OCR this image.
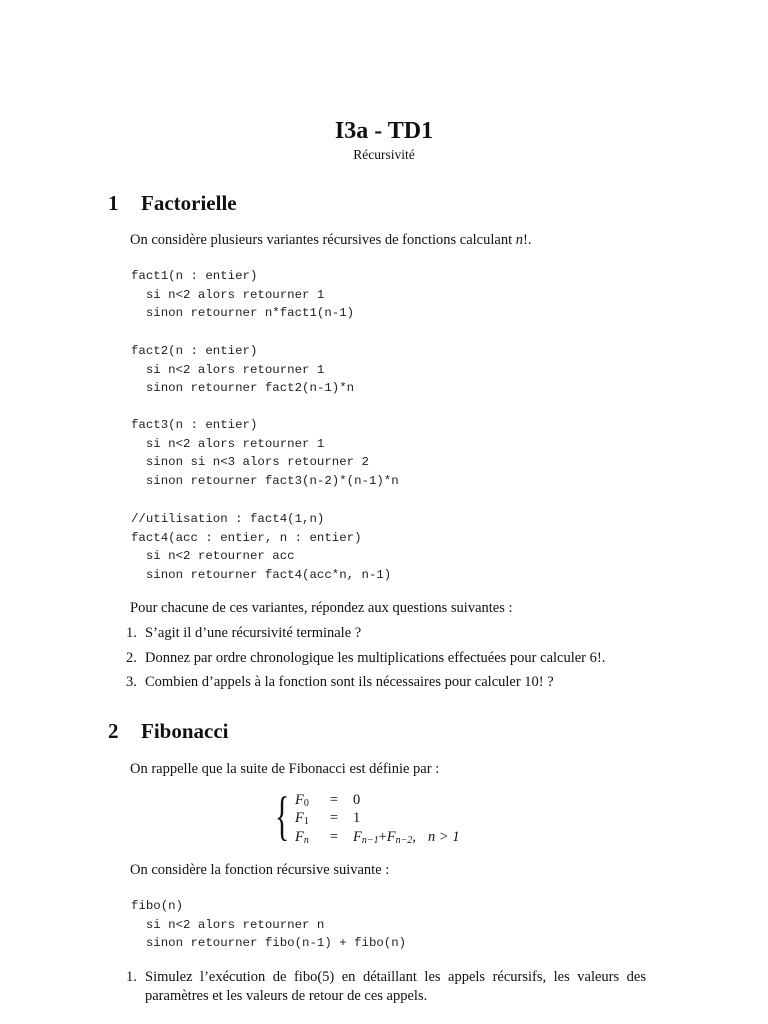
I3a - TD1
Récursivité
1 Factorielle
On considère plusieurs variantes récursives de fonctions calculant n!.
fact1(n : entier)
si n<2 alors retourner 1
sinon retourner n*fact1(n-1)
fact2(n : entier)
si n<2 alors retourner 1
sinon retourner fact2(n-1)*n
fact3(n : entier)
si n<2 alors retourner 1
sinon si n<3 alors retourner 2
sinon retourner fact3(n-2)*(n-1)*n
//utilisation : fact4(1,n)
fact4(acc : entier, n : entier)
si n<2 retourner acc
sinon retourner fact4(acc*n, n-1)
Pour chacune de ces variantes, répondez aux questions suivantes :
1. S’agit il d’une récursivité terminale ?
2. Donnez par ordre chronologique les multiplications effectuées pour calculer 6!.
3. Combien d’appels à la fonction sont ils nécessaires pour calculer 10! ?
2 Fibonacci
On rappelle que la suite de Fibonacci est définie par :
{ $F_0 = 0$
$F_1 = 1$
$F_n = F_{n-1}+F_{n-2}$, n > 1
On considère la fonction récursive suivante :
fibo(n)
si n<2 alors retourner n
sinon retourner fibo(n-1) + fibo(n)
1. Simulez l’exécution de fibo(5) en détaillant les appels récursifs, les valeurs des paramètres et les valeurs de retour de ces appels.
